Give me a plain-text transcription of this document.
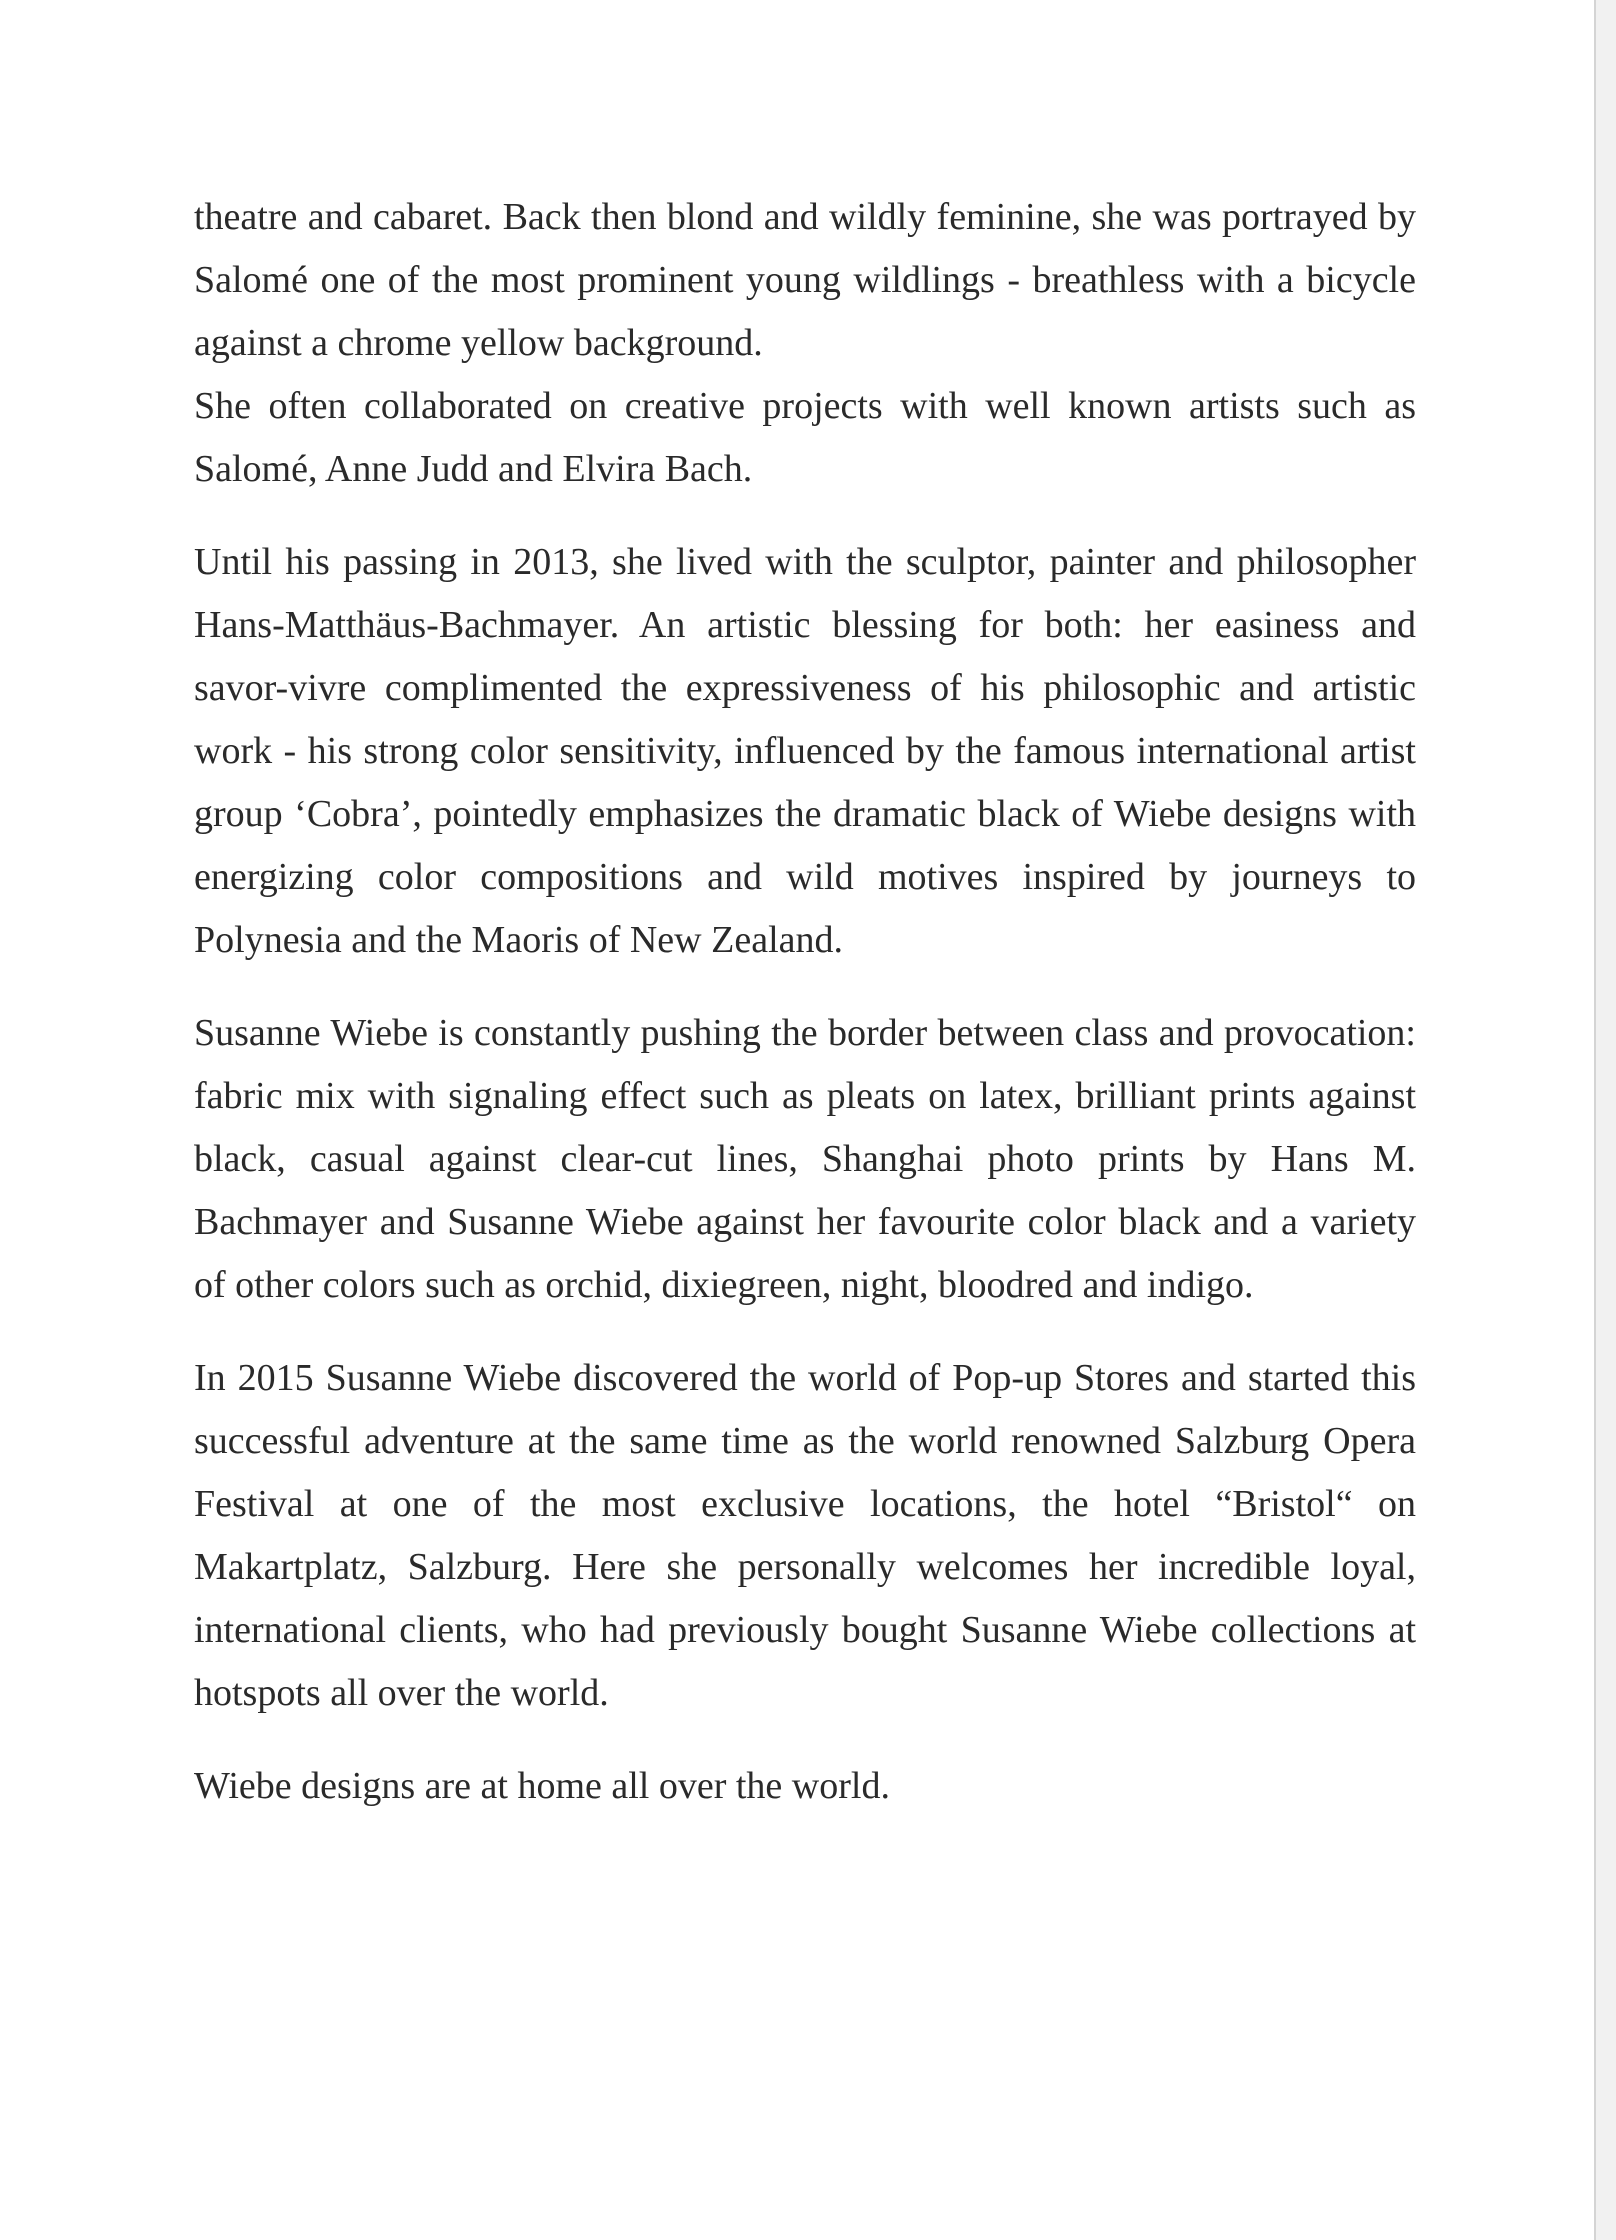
theatre and cabaret. Back then blond and wildly feminine, she was portrayed by Salomé one of the most prominent young wildlings - breathless with a bicycle against a chrome yellow background.
She often collaborated on creative projects with well known artists such as Salomé, Anne Judd and Elvira Bach.

Until his passing in 2013, she lived with the sculptor, painter and philosopher Hans-Matthäus-Bachmayer. An artistic blessing for both: her easiness and savor-vivre complimented the expressiveness of his philosophic and artistic work - his strong color sensitivity, influenced by the famous international artist group ‘Cobra’, pointedly emphasizes the dramatic black of Wiebe designs with energizing color compositions and wild motives inspired by journeys to Polynesia and the Maoris of New Zealand.

Susanne Wiebe is constantly pushing the border between class and provocation: fabric mix with signaling effect such as pleats on latex, brilliant prints against black, casual against clear-cut lines, Shanghai photo prints by Hans M. Bachmayer and Susanne Wiebe against her favourite color black and a variety of other colors such as orchid, dixiegreen, night, bloodred and indigo.

In 2015 Susanne Wiebe discovered the world of Pop-up Stores and started this successful adventure at the same time as the world renowned Salzburg Opera Festival at one of the most exclusive locations, the hotel “Bristol“ on Makartplatz, Salzburg. Here she personally welcomes her incredible loyal, international clients, who had previously bought Susanne Wiebe collections at hotspots all over the world.

Wiebe designs are at home all over the world.
